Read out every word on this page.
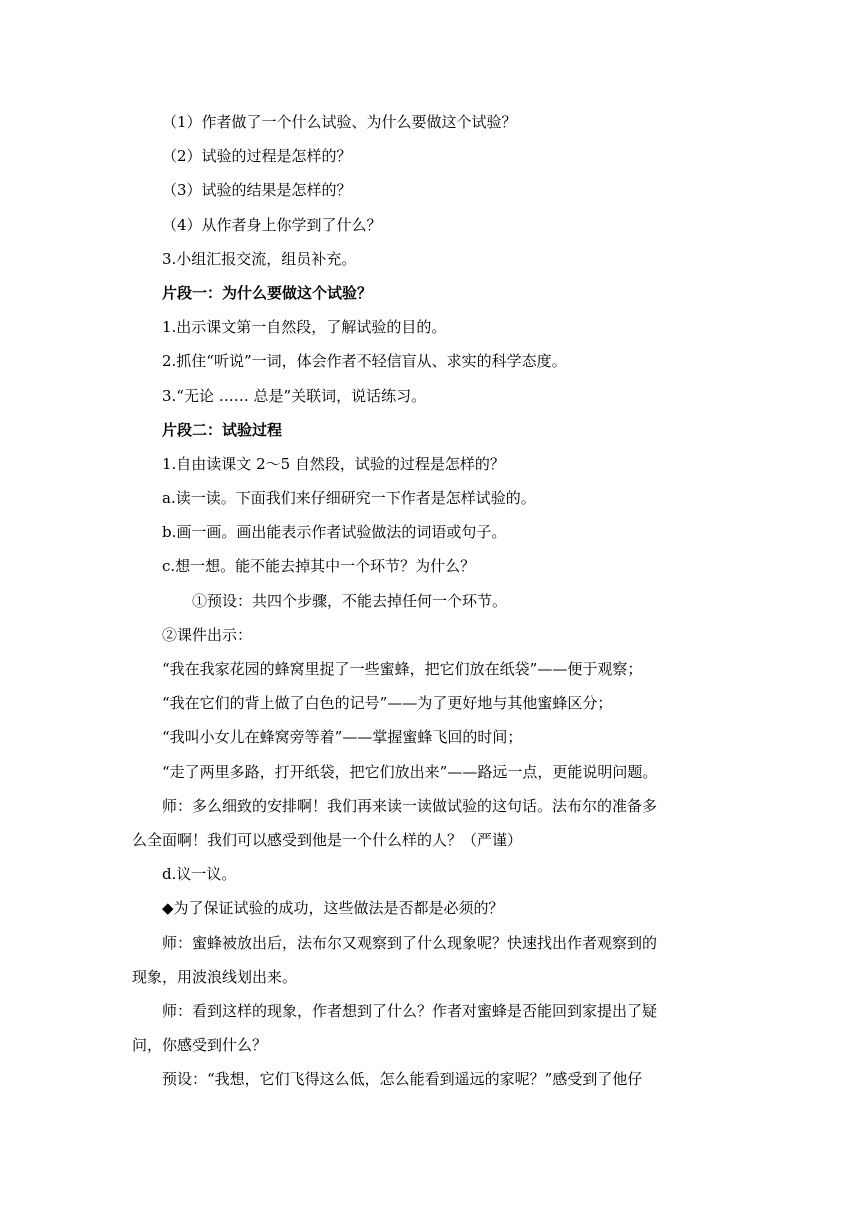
（1）作者做了一个什么试验、为什么要做这个试验？
（2）试验的过程是怎样的？
（3）试验的结果是怎样的？
（4）从作者身上你学到了什么？
3.小组汇报交流，组员补充。
片段一：为什么要做这个试验？
1.出示课文第一自然段，了解试验的目的。
2.抓住“听说”一词，体会作者不轻信盲从、求实的科学态度。
3.“无论 …… 总是”关联词，说话练习。
片段二：试验过程
1.自由读课文 2～5 自然段，试验的过程是怎样的？
a.读一读。下面我们来仔细研究一下作者是怎样试验的。
b.画一画。画出能表示作者试验做法的词语或句子。
c.想一想。能不能去掉其中一个环节？为什么？
①预设：共四个步骤，不能去掉任何一个环节。
②课件出示：
“我在我家花园的蜂窝里捉了一些蜜蜂，把它们放在纸袋”——便于观察；
“我在它们的背上做了白色的记号”——为了更好地与其他蜜蜂区分；
“我叫小女儿在蜂窝旁等着”——掌握蜜蜂飞回的时间；
“走了两里多路，打开纸袋，把它们放出来”——路远一点，更能说明问题。
师：多么细致的安排啊！我们再来读一读做试验的这句话。法布尔的准备多
么全面啊！我们可以感受到他是一个什么样的人？（严谨）
d.议一议。
◆为了保证试验的成功，这些做法是否都是必须的？
师：蜜蜂被放出后，法布尔又观察到了什么现象呢？快速找出作者观察到的
现象，用波浪线划出来。
师：看到这样的现象，作者想到了什么？作者对蜜蜂是否能回到家提出了疑
问，你感受到什么？
预设：“我想，它们飞得这么低，怎么能看到遥远的家呢？”感受到了他仔
